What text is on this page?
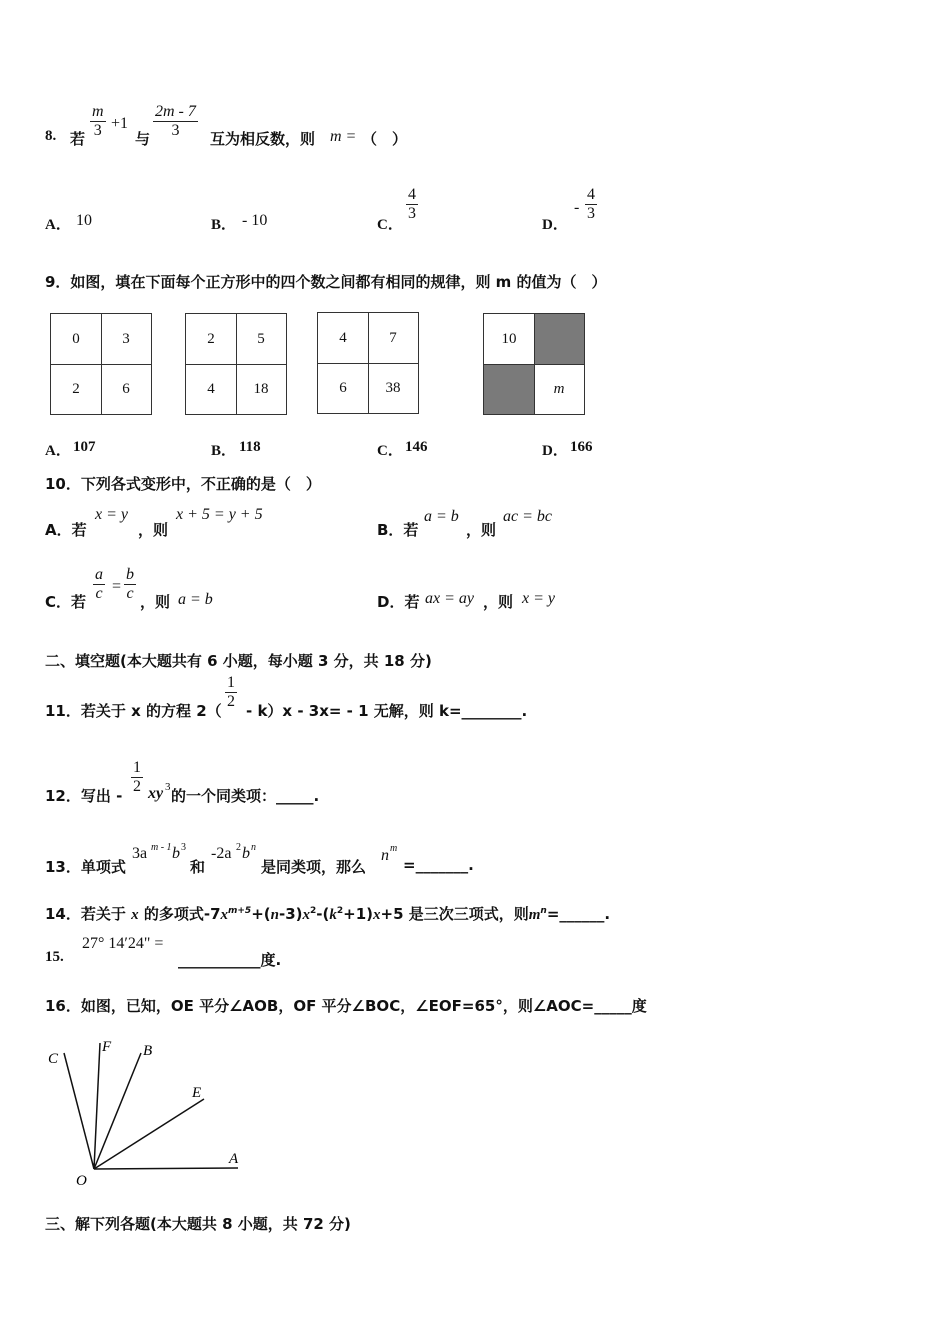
8. 若 $\frac{m}{3} +1$
与 $\frac{2m - 7}{3}$ 互为相反数，则 m = （　）
A． 10	B． - 10	C．
$\frac{4}{3}$
D．
- $\frac{4}{3}$
9．如图，填在下面每个正方形中的四个数之间都有相同的规律，则 m 的值为（　）
0	3
2	6
2	5
4	18
4	7
6	38
10
m
A． 107	B． 118	C． 146	D． 166
10．下列各式变形中，不正确的是（　）
A．若
x = y
，则
x + 5 = y + 5
B．若
a = b
，则
ac = bc
C．若 $\frac{a}{c} = \frac{b}{c}$ ，则 a = b	D．若 ax = ay ，则 x = y
二、填空题(本大题共有 6 小题，每小题 3 分，共 18 分)
11．若关于 x 的方程 $2( \frac{1}{2} - k)x - 3x= - 1$ 无解，则 k=________.
12．写出 - $\frac{1}{2}$ xy 3 的一个同类项：_____.
13．单项式
3a m - 1 b 3
和
-2a 2 b n
是同类项，那么
n m
=_______.
14．若关于 x 的多项式$-7x^{m+5}+(n-3)x^2-(k^2+1)x+5$ 是三次三项式，则$m^n=\_\_\_\_\_\_$.
15.
27° 14′24" =
___________度.
16．如图，已知，OE 平分∠AOB，OF 平分∠BOC，∠EOF=65°，则∠AOC=_____度
C
F B
E
A
O
三、解下列各题(本大题共 8 小题，共 72 分)
